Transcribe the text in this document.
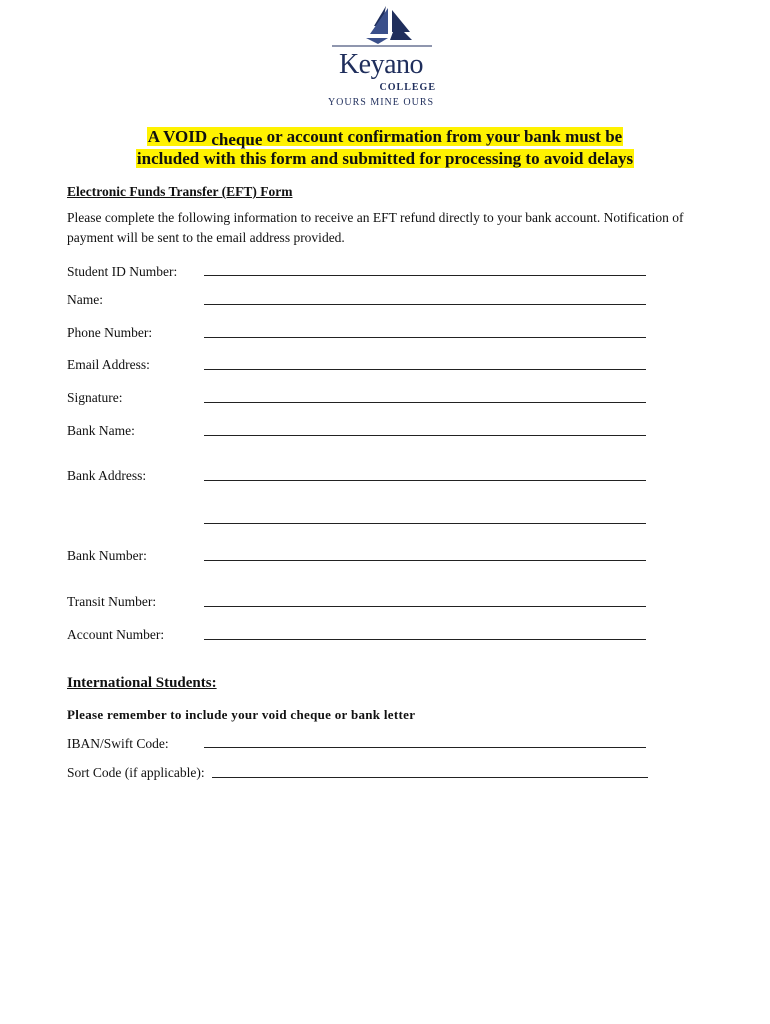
Keyano
COLLEGE
YOURS MINE OURS
A VOID cheque or account confirmation from your bank must be
included with this form and submitted for processing to avoid delays
Electronic Funds Transfer (EFT) Form
Please complete the following information to receive an EFT refund directly to your bank account. Notification of payment will be sent to the email address provided.
Student ID Number:
Name:
Phone Number:
Email Address:
Signature:
Bank Name:
Bank Address:
Bank Number:
Transit Number:
Account Number:
International Students:
Please remember to include your void cheque or bank letter
IBAN/Swift Code:
Sort Code (if applicable):
